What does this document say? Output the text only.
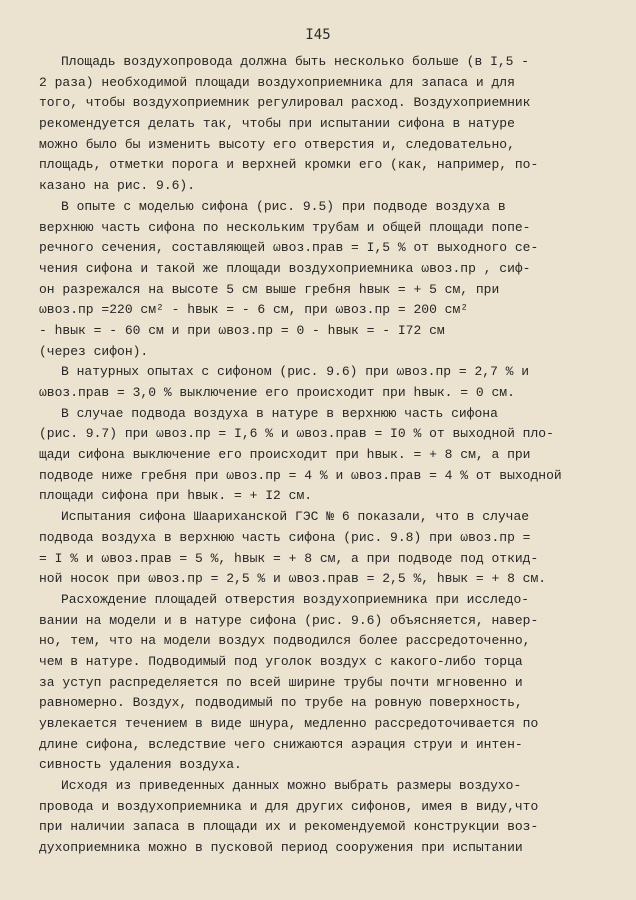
I45
Площадь воздухопровода должна быть несколько больше (в I,5 -
2 раза) необходимой площади воздухоприемника для запаса и для
того, чтобы воздухоприемник регулировал расход. Воздухоприемник
рекомендуется делать так, чтобы при испытании сифона в натуре
можно было бы изменить высоту его отверстия и, следовательно,
площадь, отметки порога и верхней кромки его (как, например, по-
казано на рис. 9.6).
В опыте с моделью сифона (рис. 9.5) при подводе воздуха в
верхнюю часть сифона по нескольким трубам и общей площади попе-
речного сечения, составляющей ωвоз.прав = I,5 % от выходного се-
чения сифона и такой же площади воздухоприемника ωвоз.пр , сиф-
он разрежался на высоте 5 см выше гребня hвык = + 5 см, при
ωвоз.пр =220 см² - hвык = - 6 см, при ωвоз.пр = 200 см²
- hвык = - 60 см и при ωвоз.пр = 0 - hвык = - I72 см
(через сифон).
В натурных опытах с сифоном (рис. 9.6) при ωвоз.пр = 2,7 % и
ωвоз.прав = 3,0 % выключение его происходит при hвык. = 0 см.
В случае подвода воздуха в натуре в верхнюю часть сифона
(рис. 9.7) при ωвоз.пр = I,6 % и ωвоз.прав = I0 % от выходной пло-
щади сифона выключение его происходит при hвык. = + 8 см, а при
подводе ниже гребня при ωвоз.пр = 4 % и ωвоз.прав = 4 % от выходной
площади сифона при hвык. = + I2 см.
Испытания сифона Шаариханской ГЭС № 6 показали, что в случае
подвода воздуха в верхнюю часть сифона (рис. 9.8) при ωвоз.пр =
= I % и ωвоз.прав = 5 %, hвык = + 8 см, а при подводе под откид-
ной носок при ωвоз.пр = 2,5 % и ωвоз.прав = 2,5 %, hвык = + 8 см.
Расхождение площадей отверстия воздухоприемника при исследо-
вании на модели и в натуре сифона (рис. 9.6) объясняется, навер-
но, тем, что на модели воздух подводился более рассредоточенно,
чем в натуре. Подводимый под уголок воздух с какого-либо торца
за уступ распределяется по всей ширине трубы почти мгновенно и
равномерно. Воздух, подводимый по трубе на ровную поверхность,
увлекается течением в виде шнура, медленно рассредоточивается по
длине сифона, вследствие чего снижаются аэрация струи и интен-
сивность удаления воздуха.
Исходя из приведенных данных можно выбрать размеры воздухо-
провода и воздухоприемника и для других сифонов, имея в виду,что
при наличии запаса в площади их и рекомендуемой конструкции воз-
духоприемника можно в пусковой период сооружения при испытании
